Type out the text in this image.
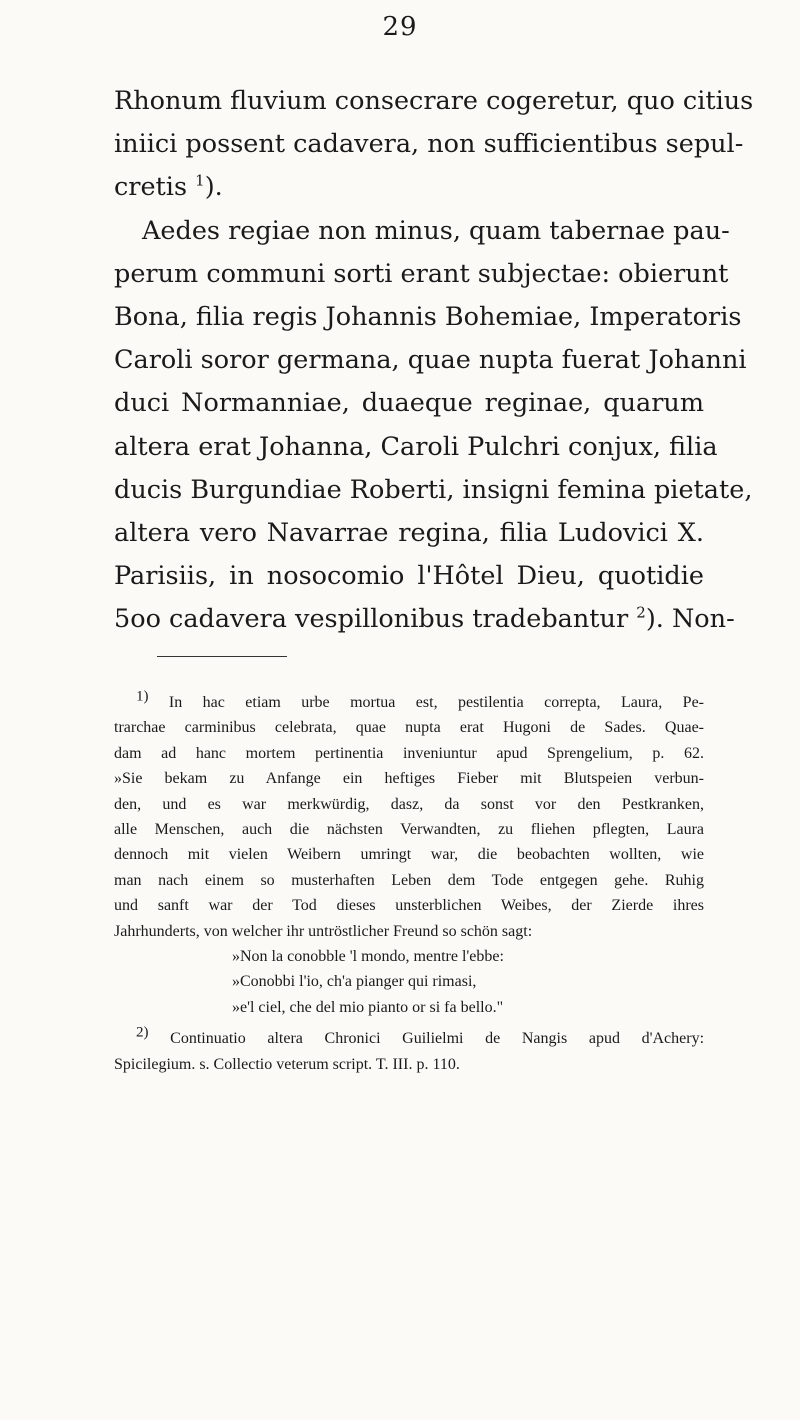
29
Rhonum fluvium consecrare cogeretur, quo citius
iniici possent cadavera, non sufficientibus sepul-
cretis $^1$).
Aedes regiae non minus, quam tabernae pau-
perum communi sorti erant subjectae: obierunt
Bona, filia regis Johannis Bohemiae, Imperatoris
Caroli soror germana, quae nupta fuerat Johanni
duci Normanniae, duaeque reginae, quarum
altera erat Johanna, Caroli Pulchri conjux, filia
ducis Burgundiae Roberti, insigni femina pietate,
altera vero Navarrae regina, filia Ludovici X.
Parisiis, in nosocomio l'Hôtel Dieu, quotidie
5oo cadavera vespillonibus tradebantur $^2$). Non-
$^{1)}$ In hac etiam urbe mortua est, pestilentia correpta, Laura, Pe-
trarchae carminibus celebrata, quae nupta erat Hugoni de Sades. Quae-
dam ad hanc mortem pertinentia inveniuntur apud Sprengelium, p. 62.
»Sie bekam zu Anfange ein heftiges Fieber mit Blutspeien verbun-
den, und es war merkwürdig, dasz, da sonst vor den Pestkranken,
alle Menschen, auch die nächsten Verwandten, zu fliehen pflegten, Laura
dennoch mit vielen Weibern umringt war, die beobachten wollten, wie
man nach einem so musterhaften Leben dem Tode entgegen gehe. Ruhig
und sanft war der Tod dieses unsterblichen Weibes, der Zierde ihres
Jahrhunderts, von welcher ihr untröstlicher Freund so schön sagt:
»Non la conobble 'l mondo, mentre l'ebbe:
»Conobbi l'io, ch'a pianger qui rimasi,
»e'l ciel, che del mio pianto or si fa bello."
$^{2)}$ Continuatio altera Chronici Guilielmi de Nangis apud d'Achery:
Spicilegium. s. Collectio veterum script. T. III. p. 110.
